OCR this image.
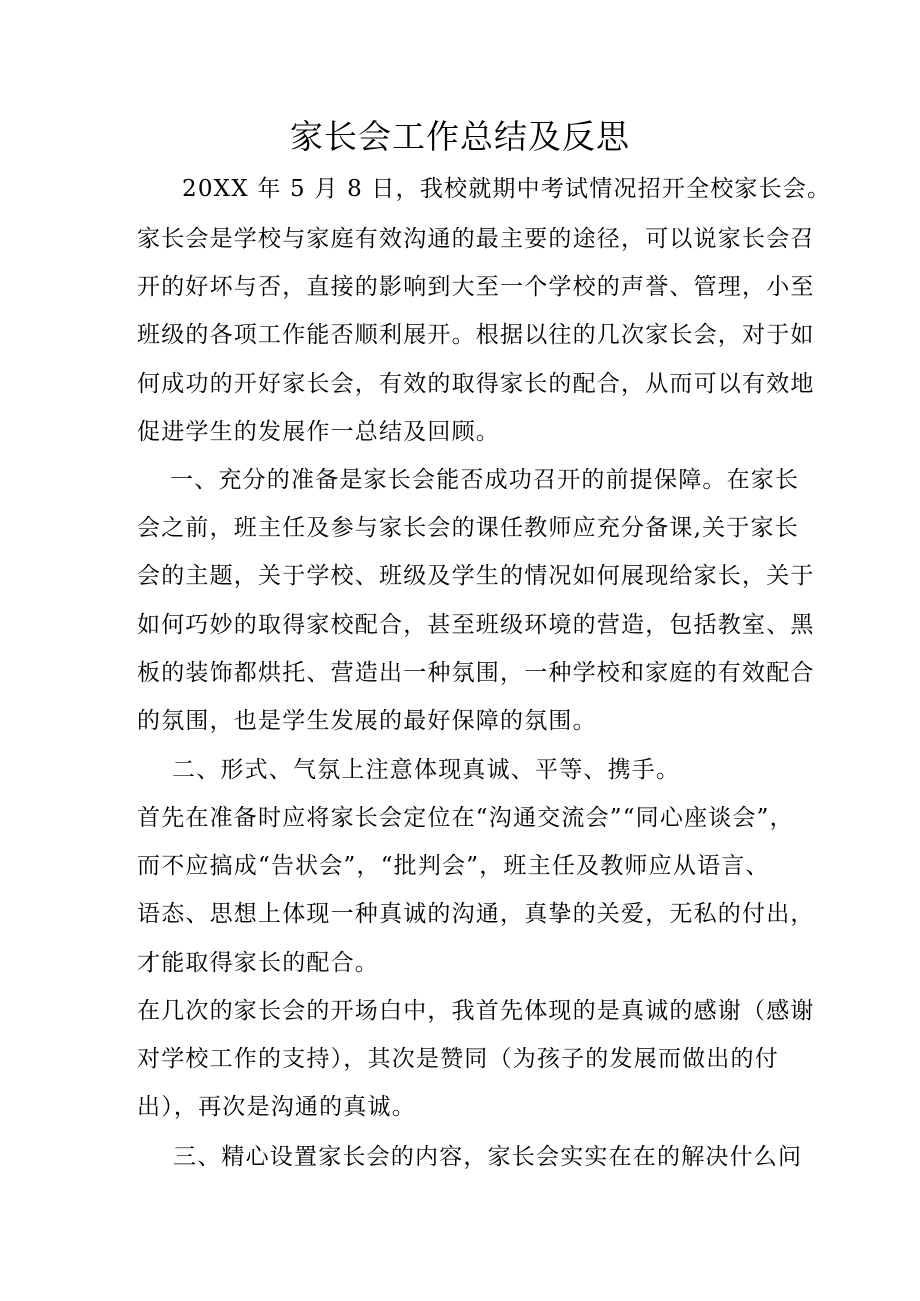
家长会工作总结及反思
20XX 年 5 月 8 日，我校就期中考试情况招开全校家长会。
家长会是学校与家庭有效沟通的最主要的途径，可以说家长会召
开的好坏与否，直接的影响到大至一个学校的声誉、管理，小至
班级的各项工作能否顺利展开。根据以往的几次家长会，对于如
何成功的开好家长会，有效的取得家长的配合，从而可以有效地
促进学生的发展作一总结及回顾。
一、充分的准备是家长会能否成功召开的前提保障。在家长
会之前，班主任及参与家长会的课任教师应充分备课,关于家长
会的主题，关于学校、班级及学生的情况如何展现给家长，关于
如何巧妙的取得家校配合，甚至班级环境的营造，包括教室、黑
板的装饰都烘托、营造出一种氛围，一种学校和家庭的有效配合
的氛围，也是学生发展的最好保障的氛围。
二、形式、气氛上注意体现真诚、平等、携手。
首先在准备时应将家长会定位在“沟通交流会”“同心座谈会”，
而不应搞成“告状会”，“批判会”，班主任及教师应从语言、
语态、思想上体现一种真诚的沟通，真挚的关爱，无私的付出，
才能取得家长的配合。
在几次的家长会的开场白中，我首先体现的是真诚的感谢（感谢
对学校工作的支持），其次是赞同（为孩子的发展而做出的付
出），再次是沟通的真诚。
三、精心设置家长会的内容，家长会实实在在的解决什么问
